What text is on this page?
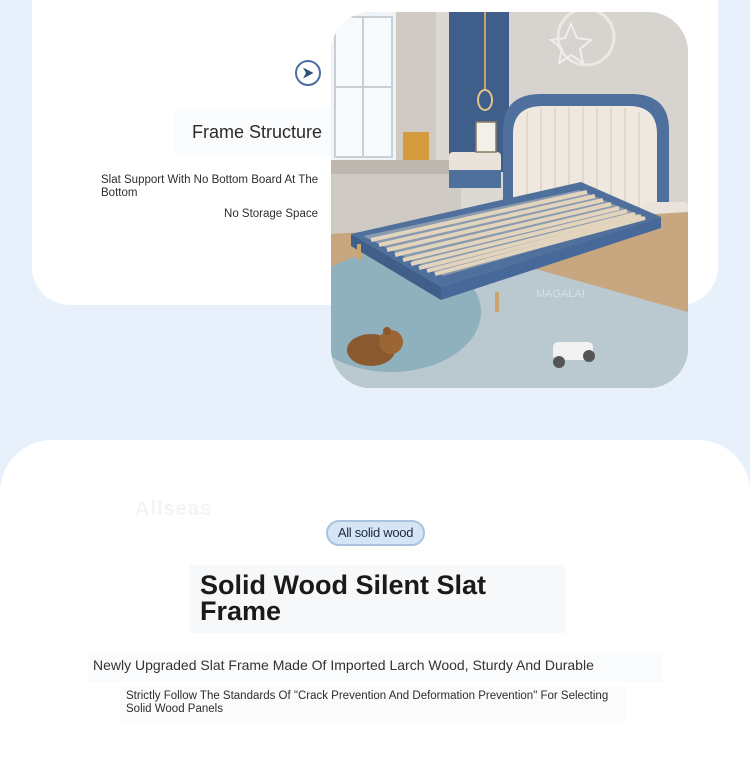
Frame Structure
Slat Support With No Bottom Board At The Bottom
No Storage Space
MAGALAI
Allseas
All solid wood
Solid Wood Silent Slat Frame
Newly Upgraded Slat Frame Made Of Imported Larch Wood, Sturdy And Durable
Strictly Follow The Standards Of "Crack Prevention And Deformation Prevention" For Selecting Solid Wood Panels
